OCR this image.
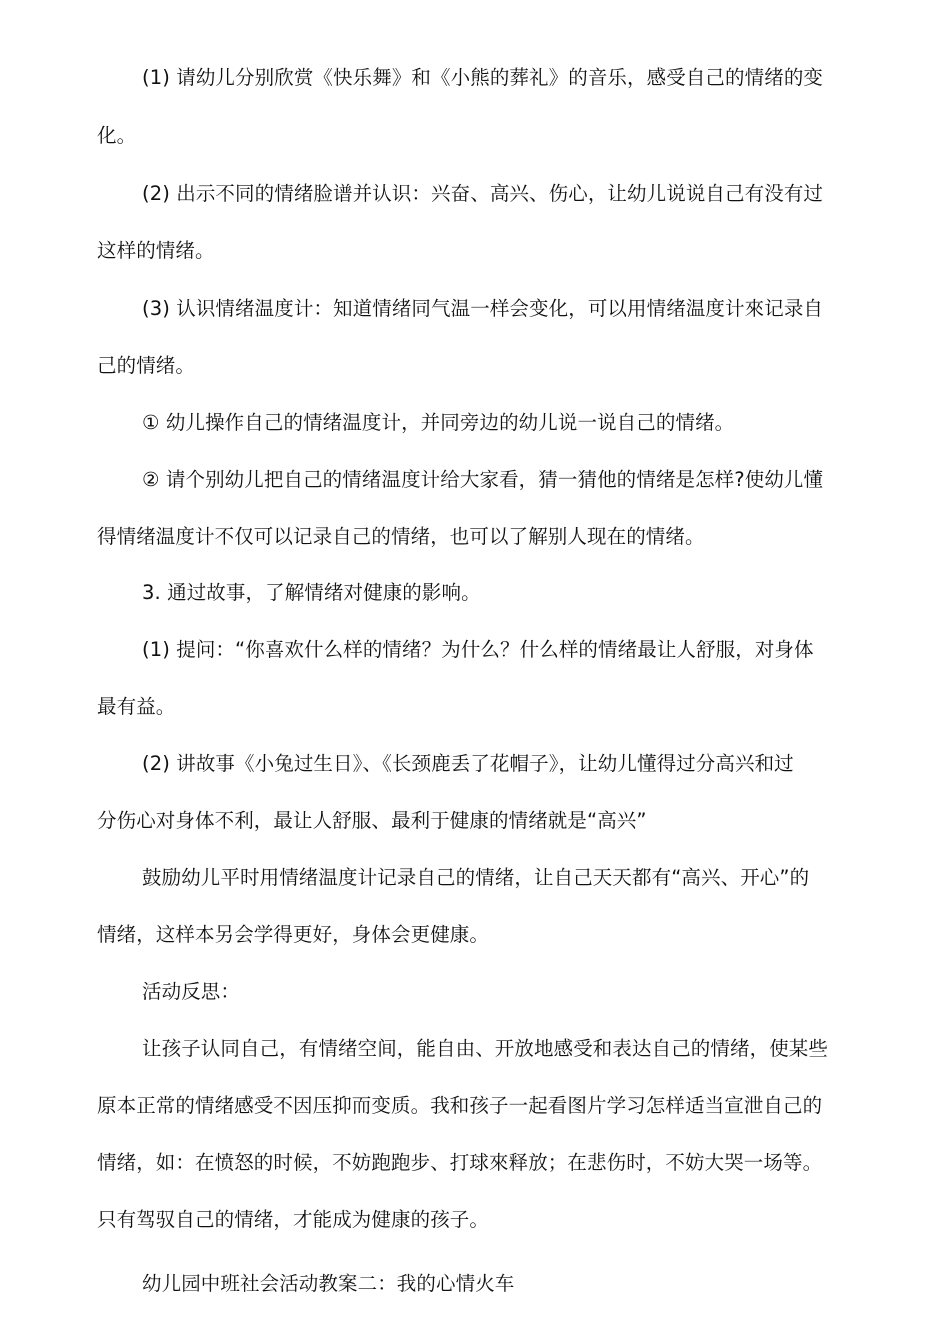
(1) 请幼儿分别欣赏《快乐舞》和《小熊的葬礼》的音乐，感受自己的情绪的变
化。
(2) 出示不同的情绪脸谱并认识：兴奋、高兴、伤心，让幼儿说说自己有没有过
这样的情绪。
(3) 认识情绪温度计：知道情绪同气温一样会变化，可以用情绪温度计來记录自
己的情绪。
① 幼儿操作自己的情绪温度计，并同旁边的幼儿说一说自己的情绪。
② 请个别幼儿把自己的情绪温度计给大家看，猜一猜他的情绪是怎样?使幼儿懂
得情绪温度计不仅可以记录自己的情绪，也可以了解别人现在的情绪。
3. 通过故事，了解情绪对健康的影响。
(1) 提问：“你喜欢什么样的情绪？为什么？什么样的情绪最让人舒服，对身体
最有益。
(2) 讲故事《小兔过生日》、《长颈鹿丢了花帽子》，让幼儿懂得过分高兴和过
分伤心对身体不利，最让人舒服、最利于健康的情绪就是“高兴”
鼓励幼儿平时用情绪温度计记录自己的情绪，让自己天天都有“高兴、开心”的
情绪，这样本另会学得更好，身体会更健康。
活动反思：
让孩子认同自己，有情绪空间，能自由、开放地感受和表达自己的情绪，使某些
原本正常的情绪感受不因压抑而变质。我和孩子一起看图片学习怎样适当宣泄自己的
情绪，如：在愤怒的时候，不妨跑跑步、打球來释放；在悲伤时，不妨大哭一场等。
只有驾驭自己的情绪，才能成为健康的孩子。
幼儿园中班社会活动教案二：我的心情火车
